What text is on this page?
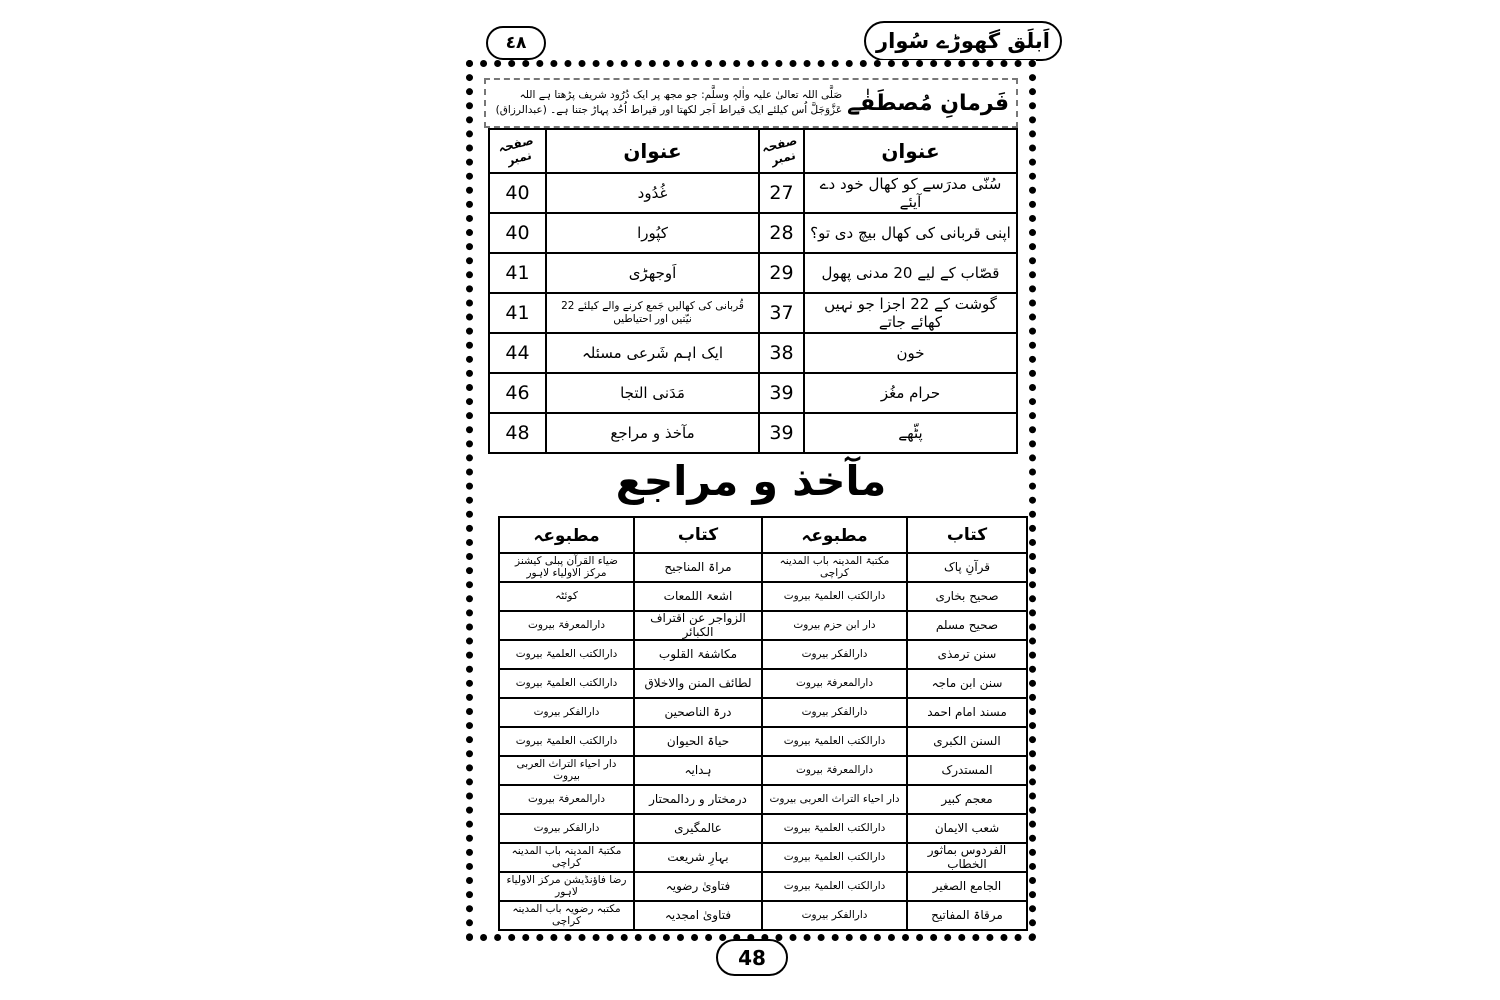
٤٨	اَبلَق گھوڑے سُوار
فَرمانِ مُصطَفٰے
صَلَّی اللہ تعالیٰ علیہ واٰلہٖ وسلَّم: جو مجھ پر ایک دُرُود شریف پڑھتا ہے اللہ عَزَّوَجَلَّ اُس کیلئے ایک قیراط اَجر لکھتا اور قیراط اُحُد پہاڑ جتنا ہے۔ (عبدالرزاق)
عنوان	صفحہ نمبر	عنوان	صفحہ نمبر
سُنّی مدرَسے کو کھال خود دے آیئے	27	غُدُود	40
اپنی قربانی کی کھال بیچ دی تو؟	28	کپُورا	40
قصّاب کے لیے 20 مدنی پھول	29	اَوجھڑی	41
گوشت کے 22 اجزا جو نہیں کھائے جاتے	37	قُربانی کی کھالیں جَمع کرنے والے کیلئے 22 نیّتیں اور احتیاطیں	41
خون	38	ایک اہم شَرعی مسئلہ	44
حرام مغُز	39	مَدَنی التجا	46
پٹّھے	39	مآخذ و مراجع	48
مآخذ و مراجع
کتاب	مطبوعہ	کتاب	مطبوعہ
قرآنِ پاک	مکتبۃ المدینہ باب المدینہ کراچی	مراۃ المناجیح	ضیاء القرآن پبلی کیشنز مرکز الاولیاء لاہور
صحیح بخاری	دارالکتب العلمیۃ بیروت	اشعۃ اللمعات	کوئٹہ
صحیح مسلم	دار ابن حزم بیروت	الزواجر عن اقتراف الکبائر	دارالمعرفۃ بیروت
سنن ترمذی	دارالفکر بیروت	مکاشفۃ القلوب	دارالکتب العلمیۃ بیروت
سنن ابن ماجہ	دارالمعرفۃ بیروت	لطائف المنن والاخلاق	دارالکتب العلمیۃ بیروت
مسند امام احمد	دارالفکر بیروت	درۃ الناصحین	دارالفکر بیروت
السنن الکبری	دارالکتب العلمیۃ بیروت	حیاۃ الحیوان	دارالکتب العلمیۃ بیروت
المستدرک	دارالمعرفۃ بیروت	ہدایہ	دار احیاء التراث العربی بیروت
معجم کبیر	دار احیاء التراث العربی بیروت	درمختار و ردالمحتار	دارالمعرفۃ بیروت
شعب الایمان	دارالکتب العلمیۃ بیروت	عالمگیری	دارالفکر بیروت
الفردوس بماثور الخطاب	دارالکتب العلمیۃ بیروت	بہارِ شریعت	مکتبۃ المدینہ باب المدینہ کراچی
الجامع الصغیر	دارالکتب العلمیۃ بیروت	فتاویٰ رضویہ	رضا فاؤنڈیشن مرکز الاولیاء لاہور
مرقاۃ المفاتیح	دارالفکر بیروت	فتاویٰ امجدیہ	مکتبہ رضویہ باب المدینہ کراچی
48
